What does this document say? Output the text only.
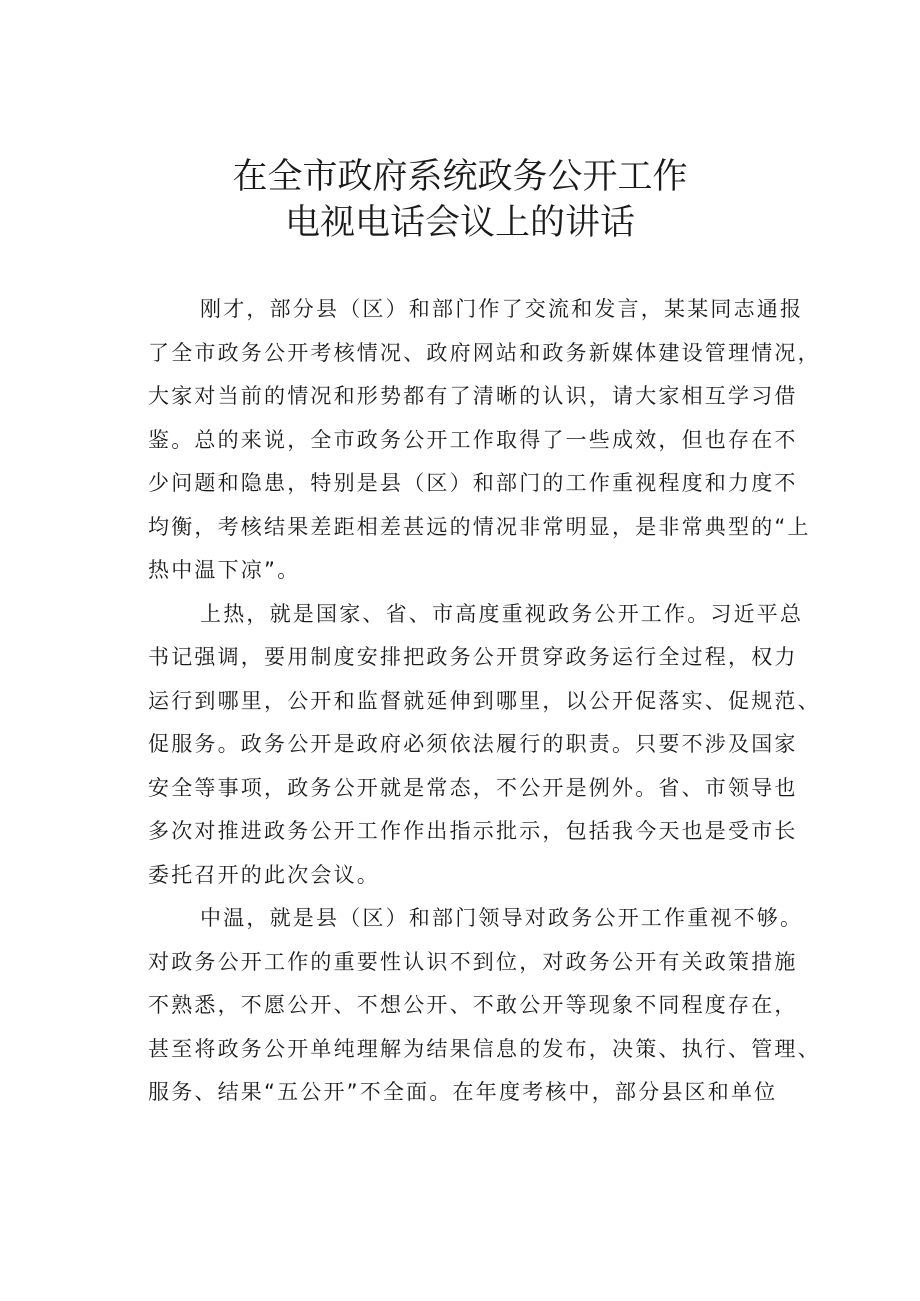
在全市政府系统政务公开工作
电视电话会议上的讲话
刚才，部分县（区）和部门作了交流和发言，某某同志通报
了全市政务公开考核情况、政府网站和政务新媒体建设管理情况，
大家对当前的情况和形势都有了清晰的认识，请大家相互学习借
鉴。总的来说，全市政务公开工作取得了一些成效，但也存在不
少问题和隐患，特别是县（区）和部门的工作重视程度和力度不
均衡，考核结果差距相差甚远的情况非常明显，是非常典型的“上
热中温下凉”。
上热，就是国家、省、市高度重视政务公开工作。习近平总
书记强调，要用制度安排把政务公开贯穿政务运行全过程，权力
运行到哪里，公开和监督就延伸到哪里，以公开促落实、促规范、
促服务。政务公开是政府必须依法履行的职责。只要不涉及国家
安全等事项，政务公开就是常态，不公开是例外。省、市领导也
多次对推进政务公开工作作出指示批示，包括我今天也是受市长
委托召开的此次会议。
中温，就是县（区）和部门领导对政务公开工作重视不够。
对政务公开工作的重要性认识不到位，对政务公开有关政策措施
不熟悉，不愿公开、不想公开、不敢公开等现象不同程度存在，
甚至将政务公开单纯理解为结果信息的发布，决策、执行、管理、
服务、结果“五公开”不全面。在年度考核中，部分县区和单位
